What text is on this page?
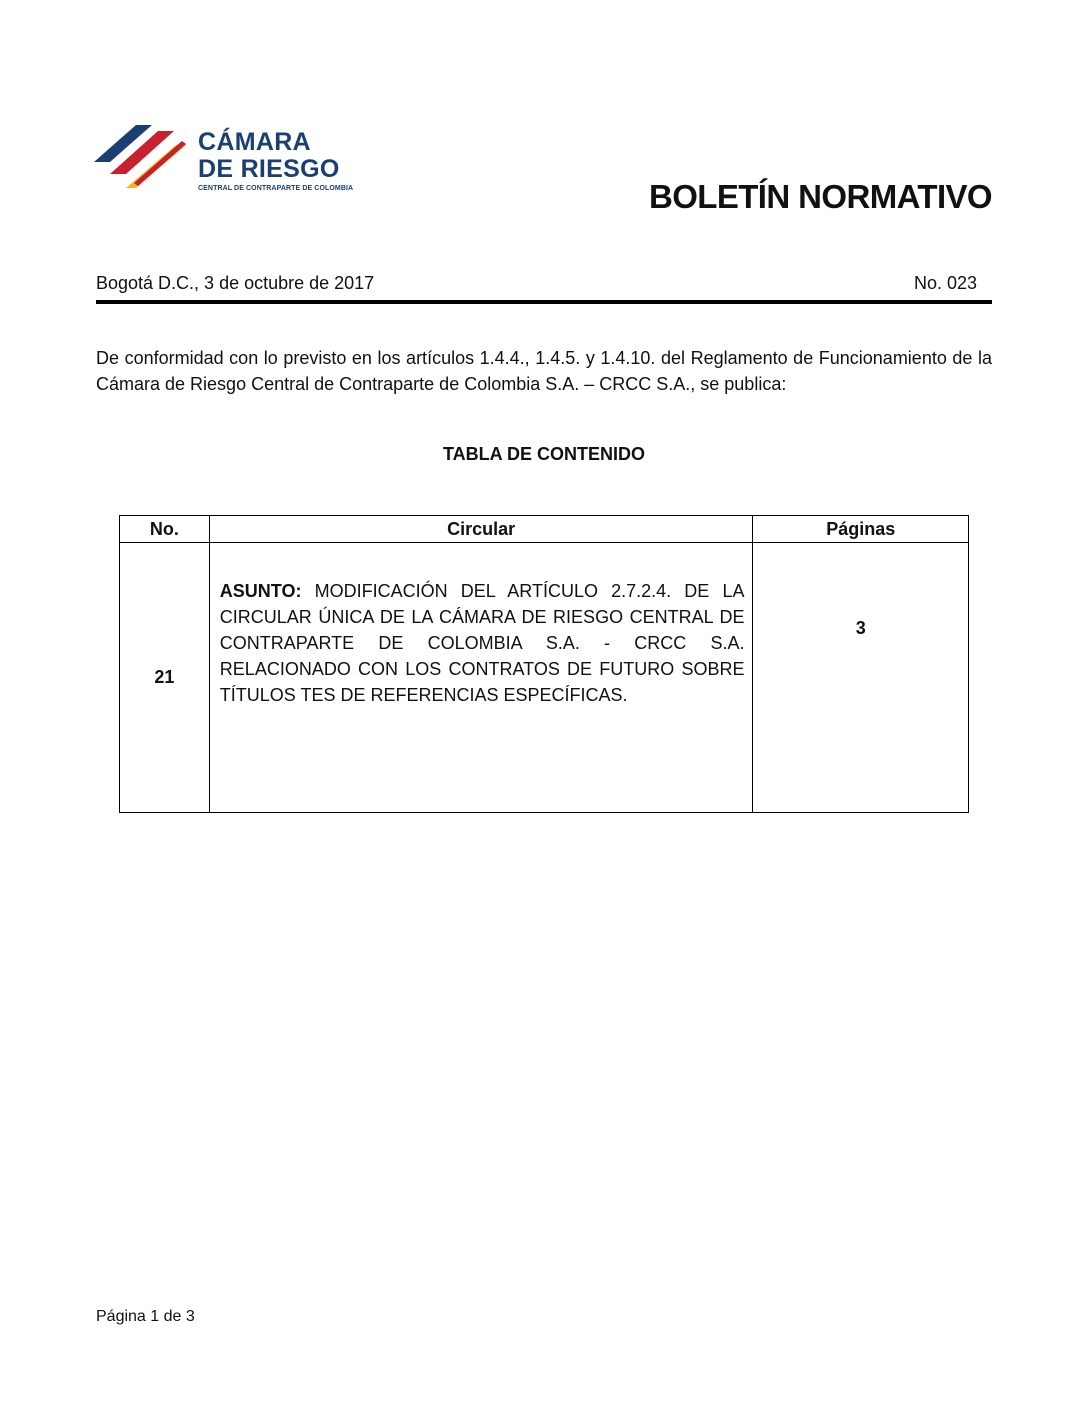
CÁMARA
DE RIESGO
CENTRAL DE CONTRAPARTE DE COLOMBIA	BOLETÍN NORMATIVO
Bogotá D.C., 3 de octubre de 2017	No. 023

De conformidad con lo previsto en los artículos 1.4.4., 1.4.5. y 1.4.10. del Reglamento de Funcionamiento de la Cámara de Riesgo Central de Contraparte de Colombia S.A. – CRCC S.A., se publica:

TABLA DE CONTENIDO
No.	Circular	Páginas
21	ASUNTO: MODIFICACIÓN DEL ARTÍCULO 2.7.2.4. DE LA CIRCULAR ÚNICA DE LA CÁMARA DE RIESGO CENTRAL DE CONTRAPARTE DE COLOMBIA S.A. - CRCC S.A. RELACIONADO CON LOS CONTRATOS DE FUTURO SOBRE TÍTULOS TES DE REFERENCIAS ESPECÍFICAS.	3
Página 1 de 3
